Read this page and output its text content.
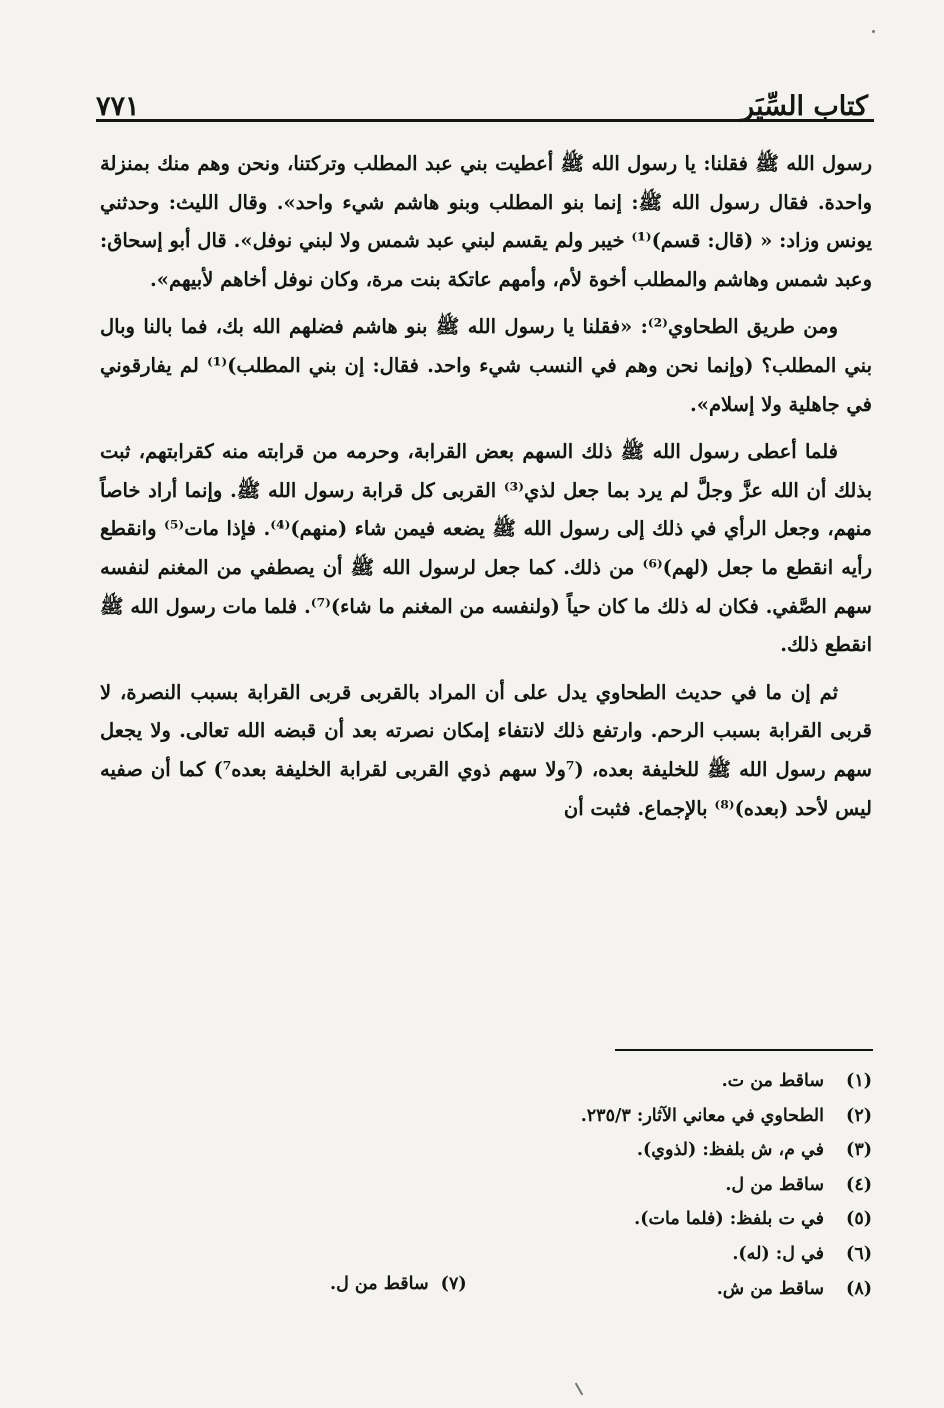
كتاب السِّيَر
٧٧١

رسول الله ﷺ فقلنا: يا رسول الله ﷺ أعطيت بني عبد المطلب وتركتنا، ونحن وهم منك بمنزلة واحدة. فقال رسول الله ﷺ: إنما بنو المطلب وبنو هاشم شيء واحد». وقال الليث: وحدثني يونس وزاد: « (قال: قسم)⁽¹⁾ خيبر ولم يقسم لبني عبد شمس ولا لبني نوفل». قال أبو إسحاق: وعبد شمس وهاشم والمطلب أخوة لأم، وأمهم عاتكة بنت مرة، وكان نوفل أخاهم لأبيهم».

ومن طريق الطحاوي⁽²⁾: «فقلنا يا رسول الله ﷺ بنو هاشم فضلهم الله بك، فما بالنا وبال بني المطلب؟ (وإنما نحن وهم في النسب شيء واحد. فقال: إن بني المطلب)⁽¹⁾ لم يفارقوني في جاهلية ولا إسلام».

فلما أعطى رسول الله ﷺ ذلك السهم بعض القرابة، وحرمه من قرابته منه كقرابتهم، ثبت بذلك أن الله عزَّ وجلَّ لم يرد بما جعل لذي⁽³⁾ القربى كل قرابة رسول الله ﷺ. وإنما أراد خاصاً منهم، وجعل الرأي في ذلك إلى رسول الله ﷺ يضعه فيمن شاء (منهم)⁽⁴⁾. فإذا مات⁽⁵⁾ وانقطع رأيه انقطع ما جعل (لهم)⁽⁶⁾ من ذلك. كما جعل لرسول الله ﷺ أن يصطفي من المغنم لنفسه سهم الصَّفي. فكان له ذلك ما كان حياً (ولنفسه من المغنم ما شاء)⁽⁷⁾. فلما مات رسول الله ﷺ انقطع ذلك.

ثم إن ما في حديث الطحاوي يدل على أن المراد بالقربى قربى القرابة بسبب النصرة، لا قربى القرابة بسبب الرحم. وارتفع ذلك لانتفاء إمكان نصرته بعد أن قبضه الله تعالى. ولا يجعل سهم رسول الله ﷺ للخليفة بعده، (⁷ولا سهم ذوي القربى لقرابة الخليفة بعده⁷) كما أن صفيه ليس لأحد (بعده)⁽⁸⁾ بالإجماع. فثبت أن

(١)
ساقط من ت.
(٢)
الطحاوي في معاني الآثار: ٢٣٥/٣.
(٣)
في م، ش بلفظ: (لذوي).
(٤)
ساقط من ل.
(٥)
في ت بلفظ: (فلما مات).
(٦)
في ل: (له).
(٨)
ساقط من ش.
(٧)
ساقط من ل.
